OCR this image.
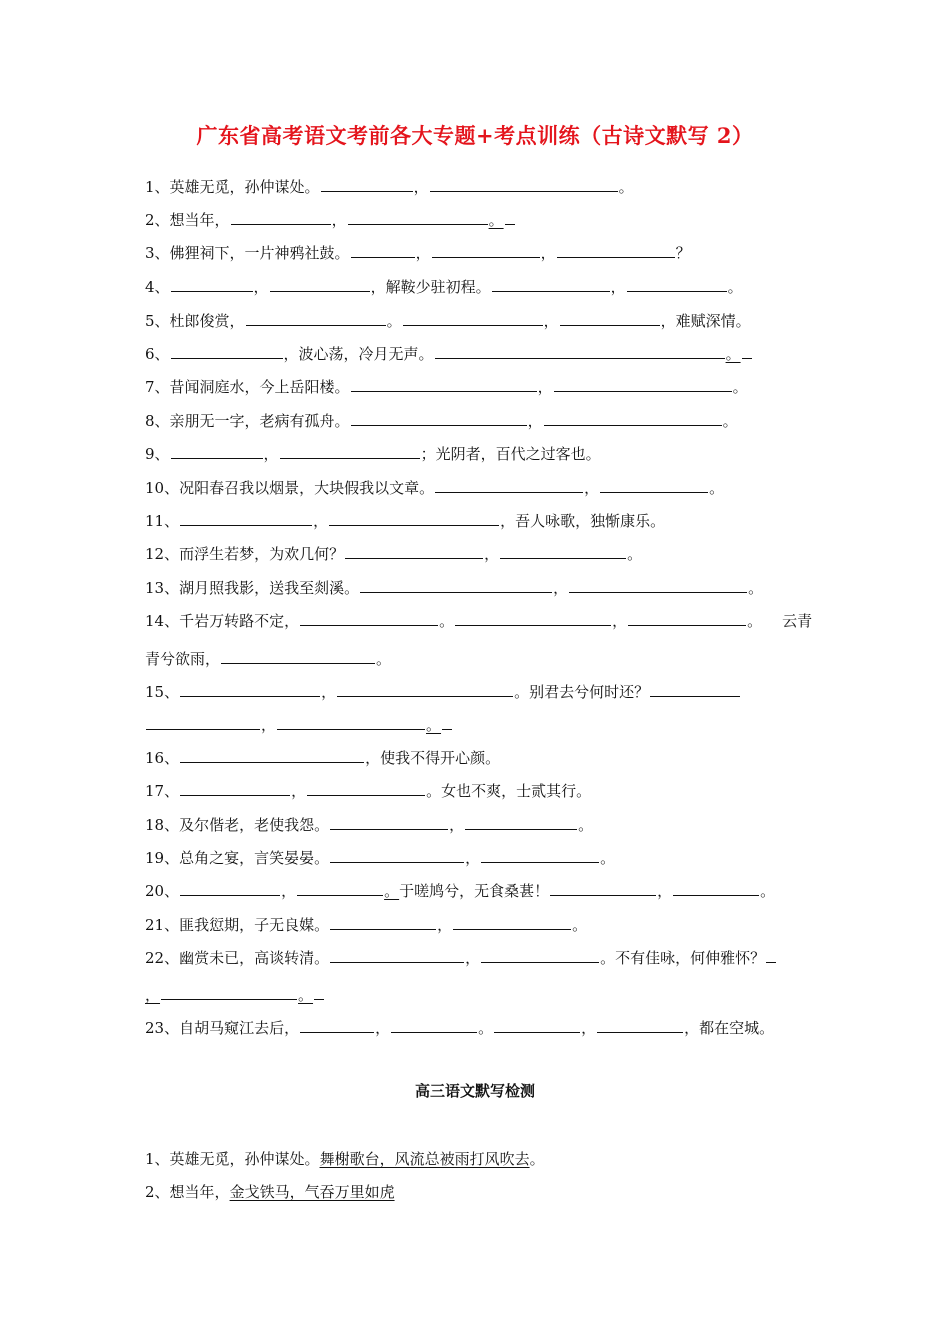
广东省高考语文考前各大专题+考点训练（古诗文默写 2）
1、英雄无觅，孙仲谋处。	，	。
2、想当年，	，	。
3、佛狸祠下，一片神鸦社鼓。	，	，	？
4、	，	，解鞍少驻初程。	，	。
5、杜郎俊赏，	。	，	，难赋深情。
6、	，波心荡，冷月无声。	。
7、昔闻洞庭水，今上岳阳楼。	，	。
8、亲朋无一字，老病有孤舟。	，	。
9、	，	；光阴者，百代之过客也。
10、况阳春召我以烟景，大块假我以文章。	，	。
11、	，	，吾人咏歌，独惭康乐。
12、而浮生若梦，为欢几何？	，	。
13、湖月照我影，送我至剡溪。	，	。
14、千岩万转路不定，	。	，	。 云青
青兮欲雨，	。
15、	，	。别君去兮何时还？
，	。
16、	，使我不得开心颜。
17、	，	。女也不爽，士贰其行。
18、及尔偕老，老使我怨。	，	。
19、总角之宴，言笑晏晏。	，	。
20、	，	。于嗟鸠兮，无食桑葚！	，	。
21、匪我愆期，子无良媒。	，	。
22、幽赏未已，高谈转清。	，	。不有佳咏，何伸雅怀？
，	。
23、自胡马窥江去后，	，	。	，	，都在空城。
高三语文默写检测
1、英雄无觅，孙仲谋处。舞榭歌台，风流总被雨打风吹去。
2、想当年，金戈铁马，气吞万里如虎
